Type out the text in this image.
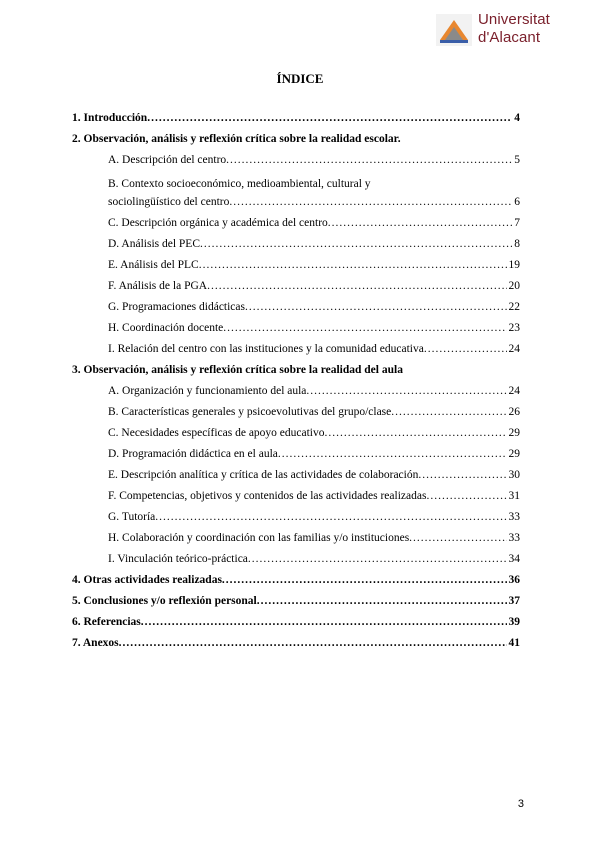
Universitat
d'Alacant
ÍNDICE
1. Introducción .....	4
2. Observación, análisis y reflexión crítica sobre la realidad escolar.
A. Descripción del centro .....	5
B. Contexto socioeconómico, medioambiental, cultural y
sociolingüístico del centro .....	6
C. Descripción orgánica y académica del centro .....	7
D. Análisis del PEC .....	8
E. Análisis del PLC .....	19
F. Análisis de la PGA .....	20
G. Programaciones didácticas .....	22
H. Coordinación docente .....	23
I. Relación del centro con las instituciones y la comunidad educativa .....	24
3. Observación, análisis y reflexión crítica sobre la realidad del aula
A. Organización y funcionamiento del aula .....	24
B. Características generales y psicoevolutivas del grupo/clase .....	26
C. Necesidades específicas de apoyo educativo .....	29
D. Programación didáctica en el aula .....	29
E. Descripción analítica y crítica de las actividades de colaboración .....	30
F. Competencias, objetivos y contenidos de las actividades realizadas .....	31
G. Tutoría .....	33
H. Colaboración y coordinación con las familias y/o instituciones .....	33
I. Vinculación teórico-práctica .....	34
4. Otras actividades realizadas .....	36
5. Conclusiones y/o reflexión personal .....	37
6. Referencias .....	39
7. Anexos .....	41
3
